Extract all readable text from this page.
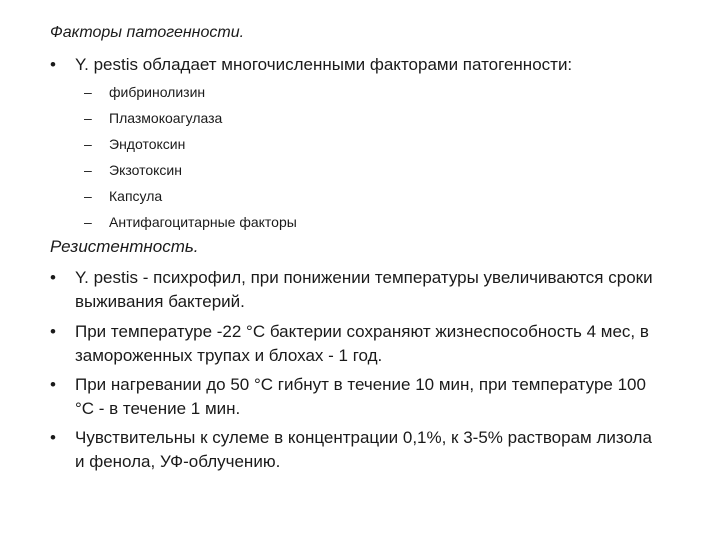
Факторы патогенности.
•	Y. pestis обладает многочисленными факторами патогенности:
–	фибринолизин
–	Плазмокоагулаза
–	Эндотоксин
–	Экзотоксин
–	Капсула
–	Антифагоцитарные факторы
Резистентность.
• Y. pestis - психрофил, при понижении температуры увеличиваются сроки выживания бактерий.
• При температуре -22 °С бактерии сохраняют жизнеспособность 4 мес, в замороженных трупах и блохах - 1 год.
• При нагревании до 50 °С гибнут в течение 10 мин, при температуре 100 °С - в течение 1 мин.
• Чувствительны к сулеме в концентрации 0,1%, к 3-5% растворам лизола и фенола, УФ-облучению.
